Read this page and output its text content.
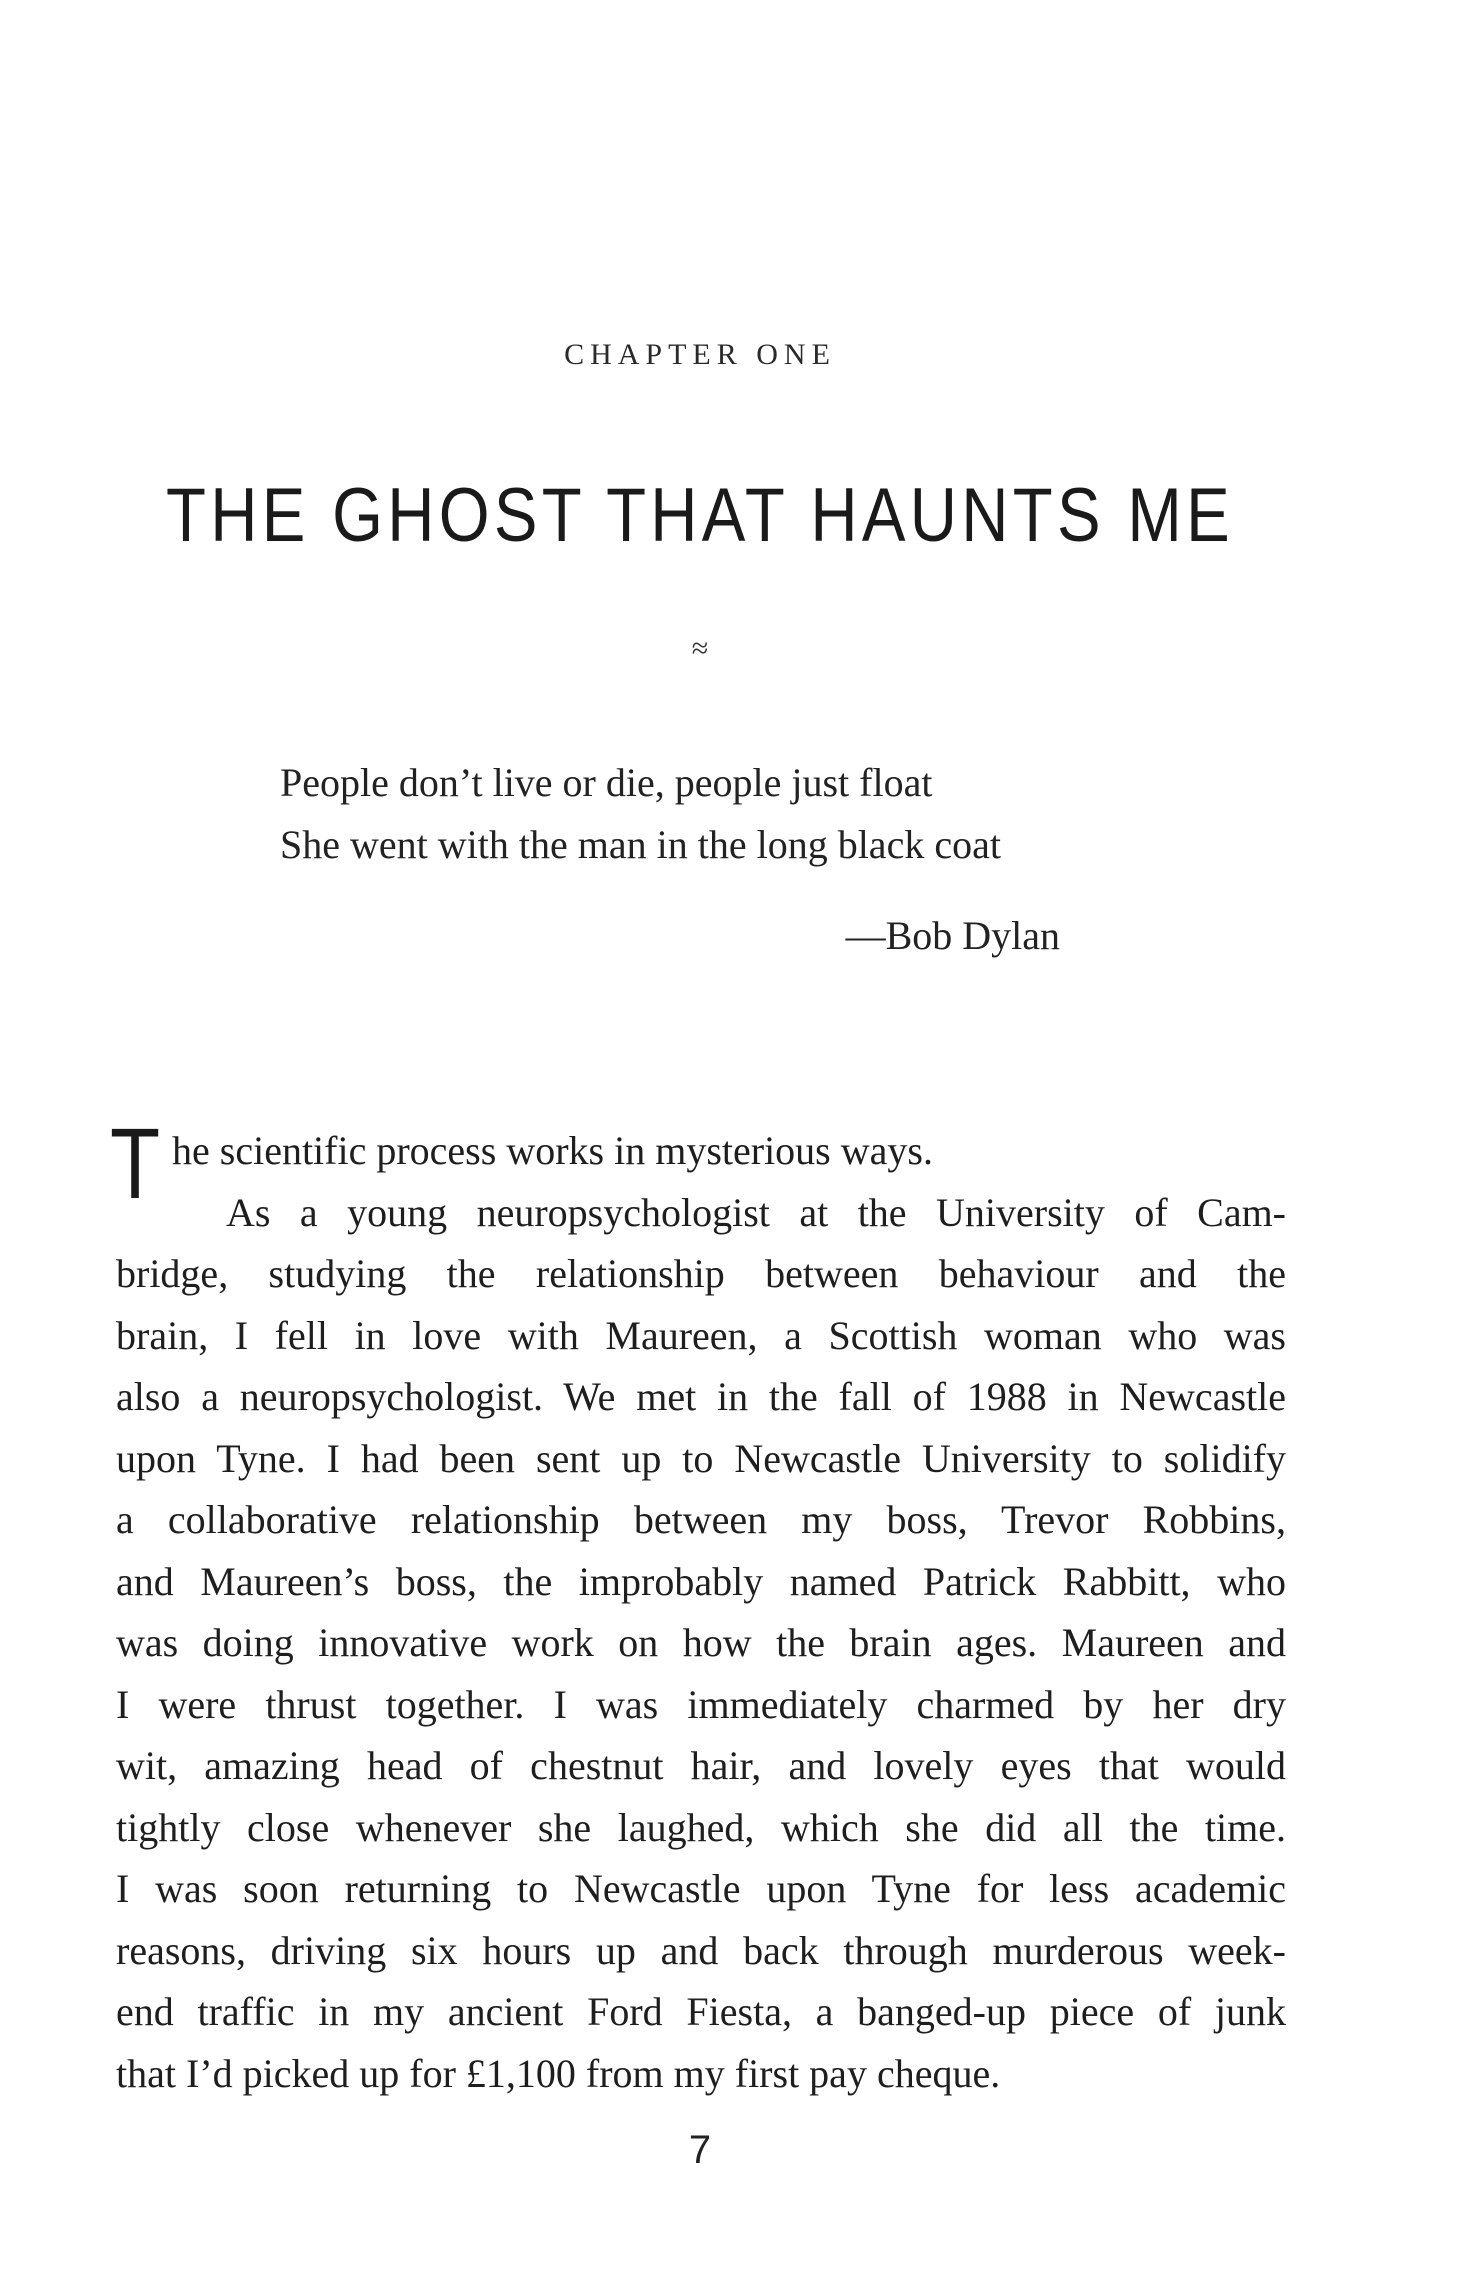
CHAPTER ONE
THE GHOST THAT HAUNTS ME
≈
People don’t live or die, people just float
She went with the man in the long black coat
—Bob Dylan
T he scientific process works in mysterious ways.
As a young neuropsychologist at the University of Cam-
bridge, studying the relationship between behaviour and the
brain, I fell in love with Maureen, a Scottish woman who was
also a neuropsychologist. We met in the fall of 1988 in Newcastle
upon Tyne. I had been sent up to Newcastle University to solidify
a collaborative relationship between my boss, Trevor Robbins,
and Maureen’s boss, the improbably named Patrick Rabbitt, who
was doing innovative work on how the brain ages. Maureen and
I were thrust together. I was immediately charmed by her dry
wit, amazing head of chestnut hair, and lovely eyes that would
tightly close whenever she laughed, which she did all the time.
I was soon returning to Newcastle upon Tyne for less academic
reasons, driving six hours up and back through murderous week-
end traffic in my ancient Ford Fiesta, a banged-up piece of junk
that I’d picked up for £1,100 from my first pay cheque.
7
